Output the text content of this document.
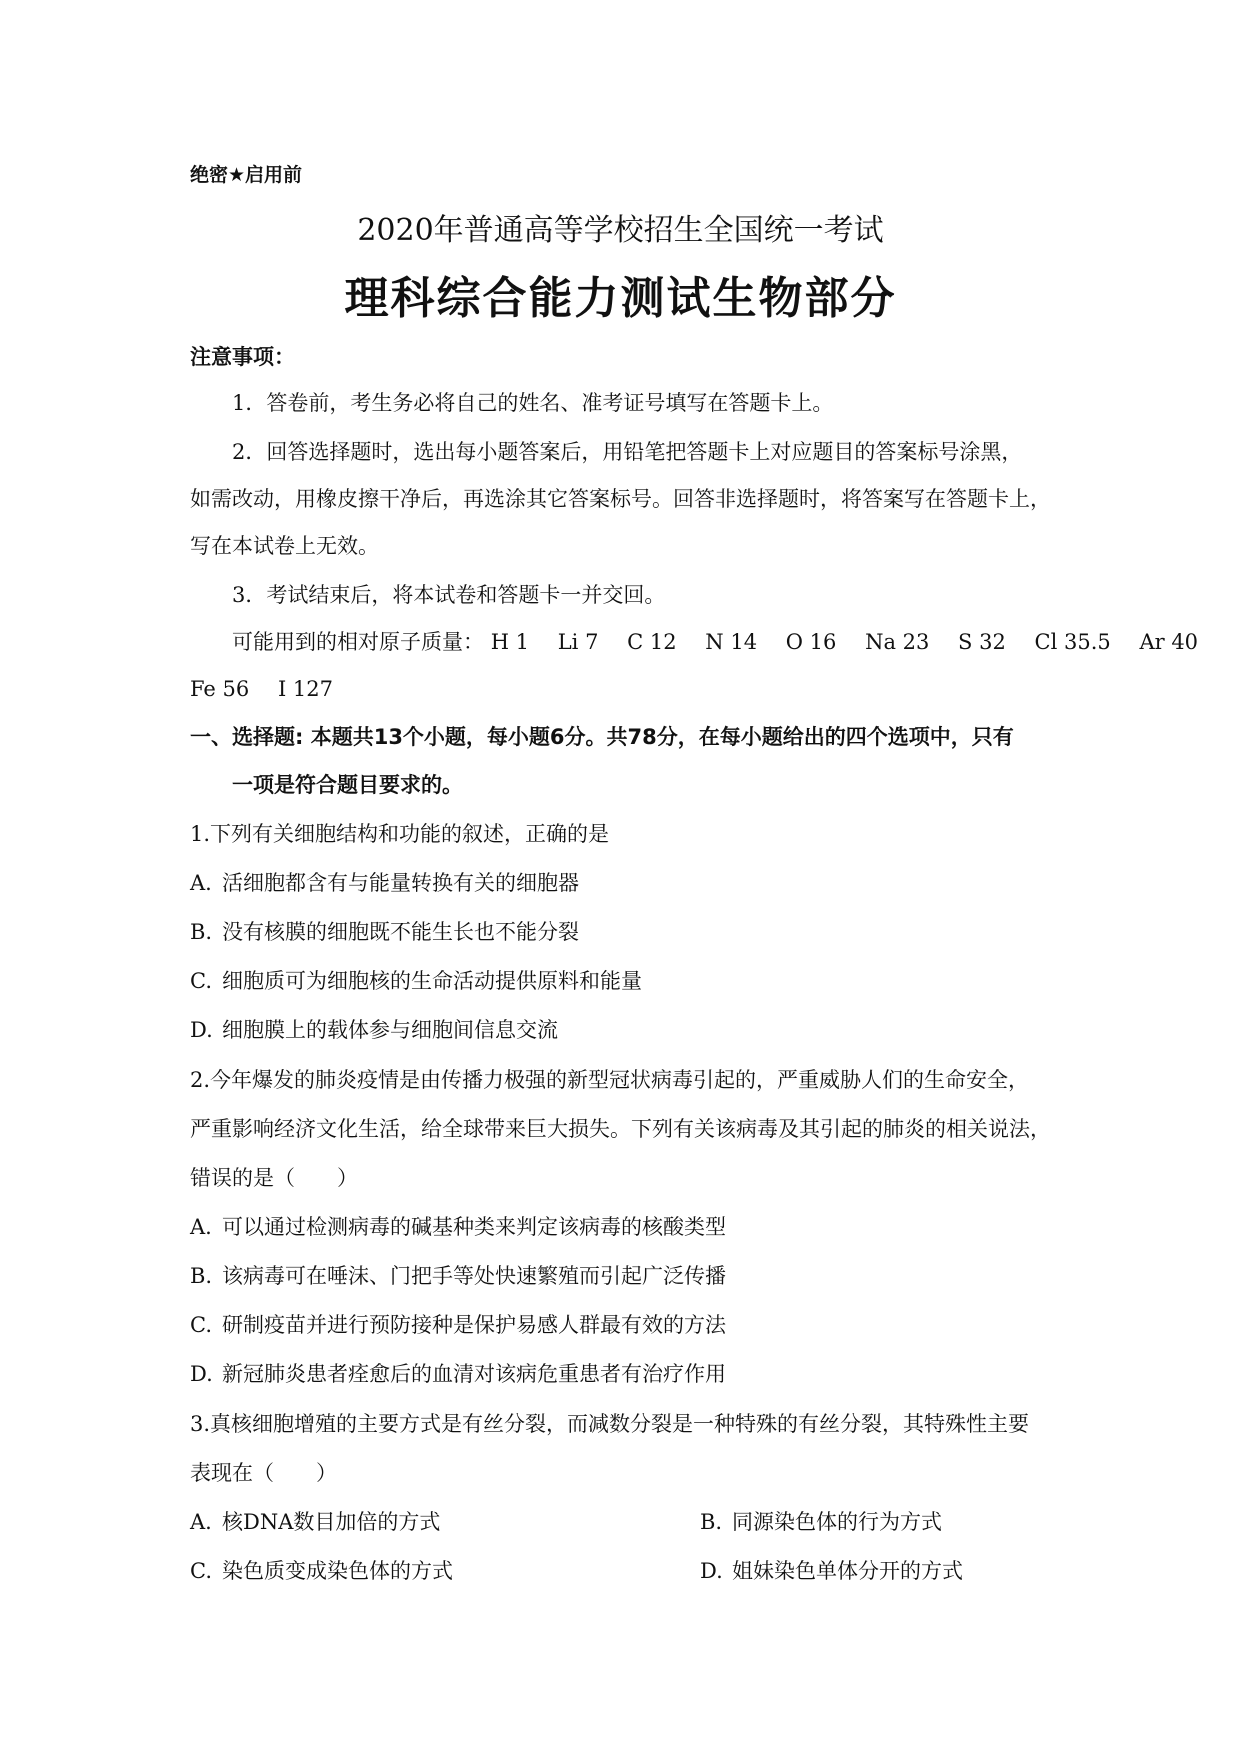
绝密★启用前
2020年普通高等学校招生全国统一考试
理科综合能力测试生物部分
注意事项：
1．答卷前，考生务必将自己的姓名、准考证号填写在答题卡上。
2．回答选择题时，选出每小题答案后，用铅笔把答题卡上对应题目的答案标号涂黑，
如需改动，用橡皮擦干净后，再选涂其它答案标号。回答非选择题时，将答案写在答题卡上，
写在本试卷上无效。
3．考试结束后，将本试卷和答题卡一并交回。
可能用到的相对原子质量： H 1 Li 7 C 12 N 14 O 16 Na 23 S 32 Cl 35.5 Ar 40
Fe 56 I 127
一、选择题: 本题共13个小题，每小题6分。共78分，在每小题给出的四个选项中，只有
一项是符合题目要求的。
1.下列有关细胞结构和功能的叙述，正确的是
A. 活细胞都含有与能量转换有关的细胞器
B. 没有核膜的细胞既不能生长也不能分裂
C. 细胞质可为细胞核的生命活动提供原料和能量
D. 细胞膜上的载体参与细胞间信息交流
2.今年爆发的肺炎疫情是由传播力极强的新型冠状病毒引起的，严重威胁人们的生命安全，
严重影响经济文化生活，给全球带来巨大损失。下列有关该病毒及其引起的肺炎的相关说法，
错误的是（　　）
A. 可以通过检测病毒的碱基种类来判定该病毒的核酸类型
B. 该病毒可在唾沫、门把手等处快速繁殖而引起广泛传播
C. 研制疫苗并进行预防接种是保护易感人群最有效的方法
D. 新冠肺炎患者痊愈后的血清对该病危重患者有治疗作用
3.真核细胞增殖的主要方式是有丝分裂，而减数分裂是一种特殊的有丝分裂，其特殊性主要
表现在（　　）
A. 核DNA数目加倍的方式	B. 同源染色体的行为方式
C. 染色质变成染色体的方式	D. 姐妹染色单体分开的方式
